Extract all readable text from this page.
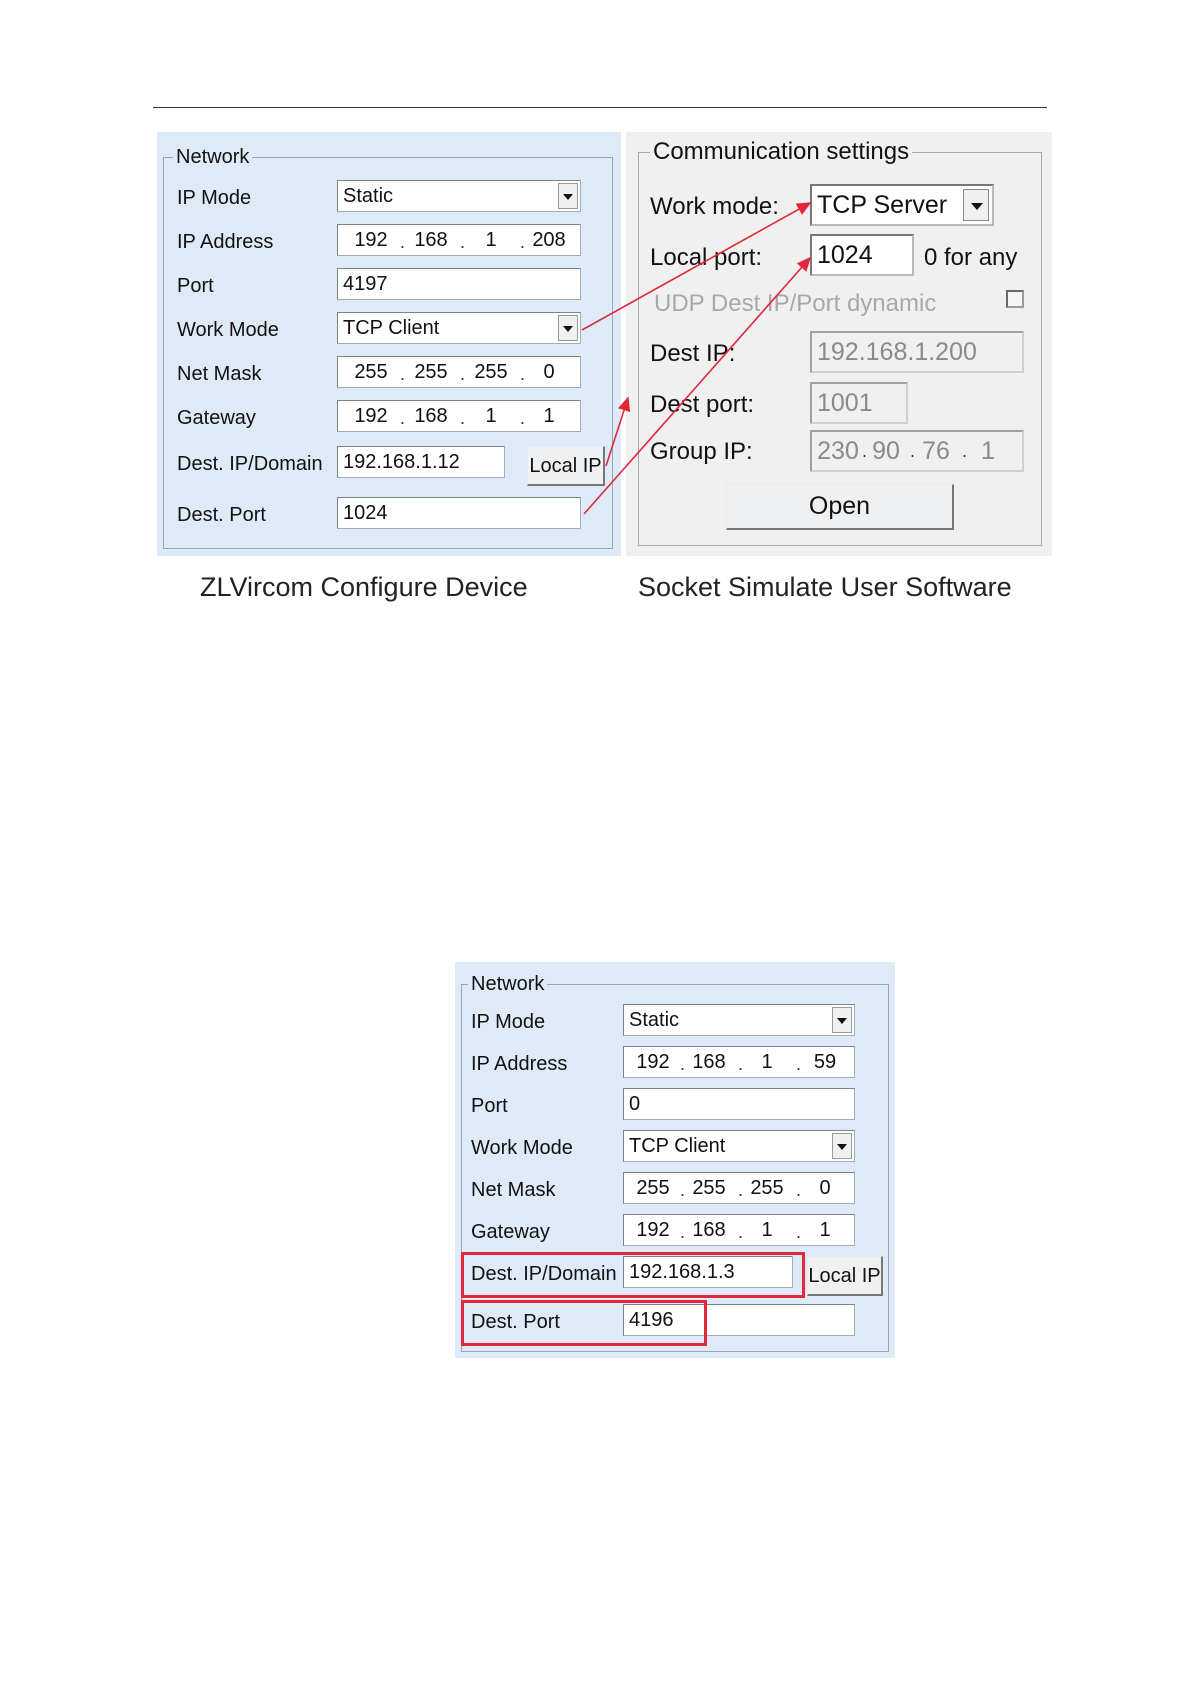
Network
IP Mode	Static
IP Address	192 . 168 .	1	. 208
Port	4197
Work Mode	TCP Client
Net Mask	255 . 255 . 255 . 0
Gateway	192 . 168 .	1	. 1
Dest. IP/Domain	192.168.1.12	Local IP
Dest. Port	1024
Communication settings
Work mode: TCP Server
Local port: 1024	0 for any
UDP Dest IP/Port dynamic
Dest IP:	192.168.1.200
Dest port:	1001
Group IP:	230 . 90 . 76 . 1
Open
ZLVircom Configure Device	Socket Simulate User Software
Network
IP Mode	Static
IP Address	192 . 168 . 1	. 59
Port	0
Work Mode	TCP Client
Net Mask	255 . 255 . 255 . 0
Gateway	192 . 168 . 1	. 1
Dest. IP/Domain 192.168.1.3	Local IP
Dest. Port	4196
